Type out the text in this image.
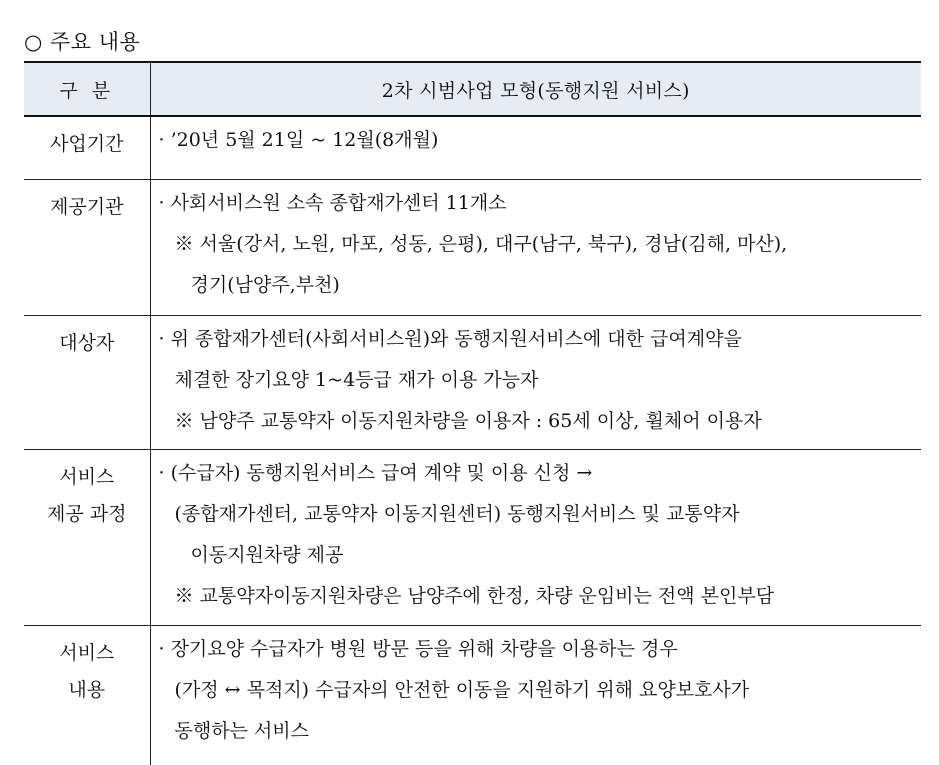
○ 주요 내용
구 분	2차 시범사업 모형(동행지원 서비스)

사업기간	· ’20년 5월 21일 ~ 12월(8개월)

제공기관	· 사회서비스원 소속 종합재가센터 11개소
※ 서울(강서, 노원, 마포, 성동, 은평), 대구(남구, 북구), 경남(김해, 마산),
경기(남양주,부천)

대상자	· 위 종합재가센터(사회서비스원)와 동행지원서비스에 대한 급여계약을
체결한 장기요양 1~4등급 재가 이용 가능자
※ 남양주 교통약자 이동지원차량을 이용자 : 65세 이상, 휠체어 이용자

서비스
제공 과정	· (수급자) 동행지원서비스 급여 계약 및 이용 신청 →
(종합재가센터, 교통약자 이동지원센터) 동행지원서비스 및 교통약자
이동지원차량 제공
※ 교통약자이동지원차량은 남양주에 한정, 차량 운임비는 전액 본인부담

서비스
내용	· 장기요양 수급자가 병원 방문 등을 위해 차량을 이용하는 경우
(가정 ↔ 목적지) 수급자의 안전한 이동을 지원하기 위해 요양보호사가
동행하는 서비스
